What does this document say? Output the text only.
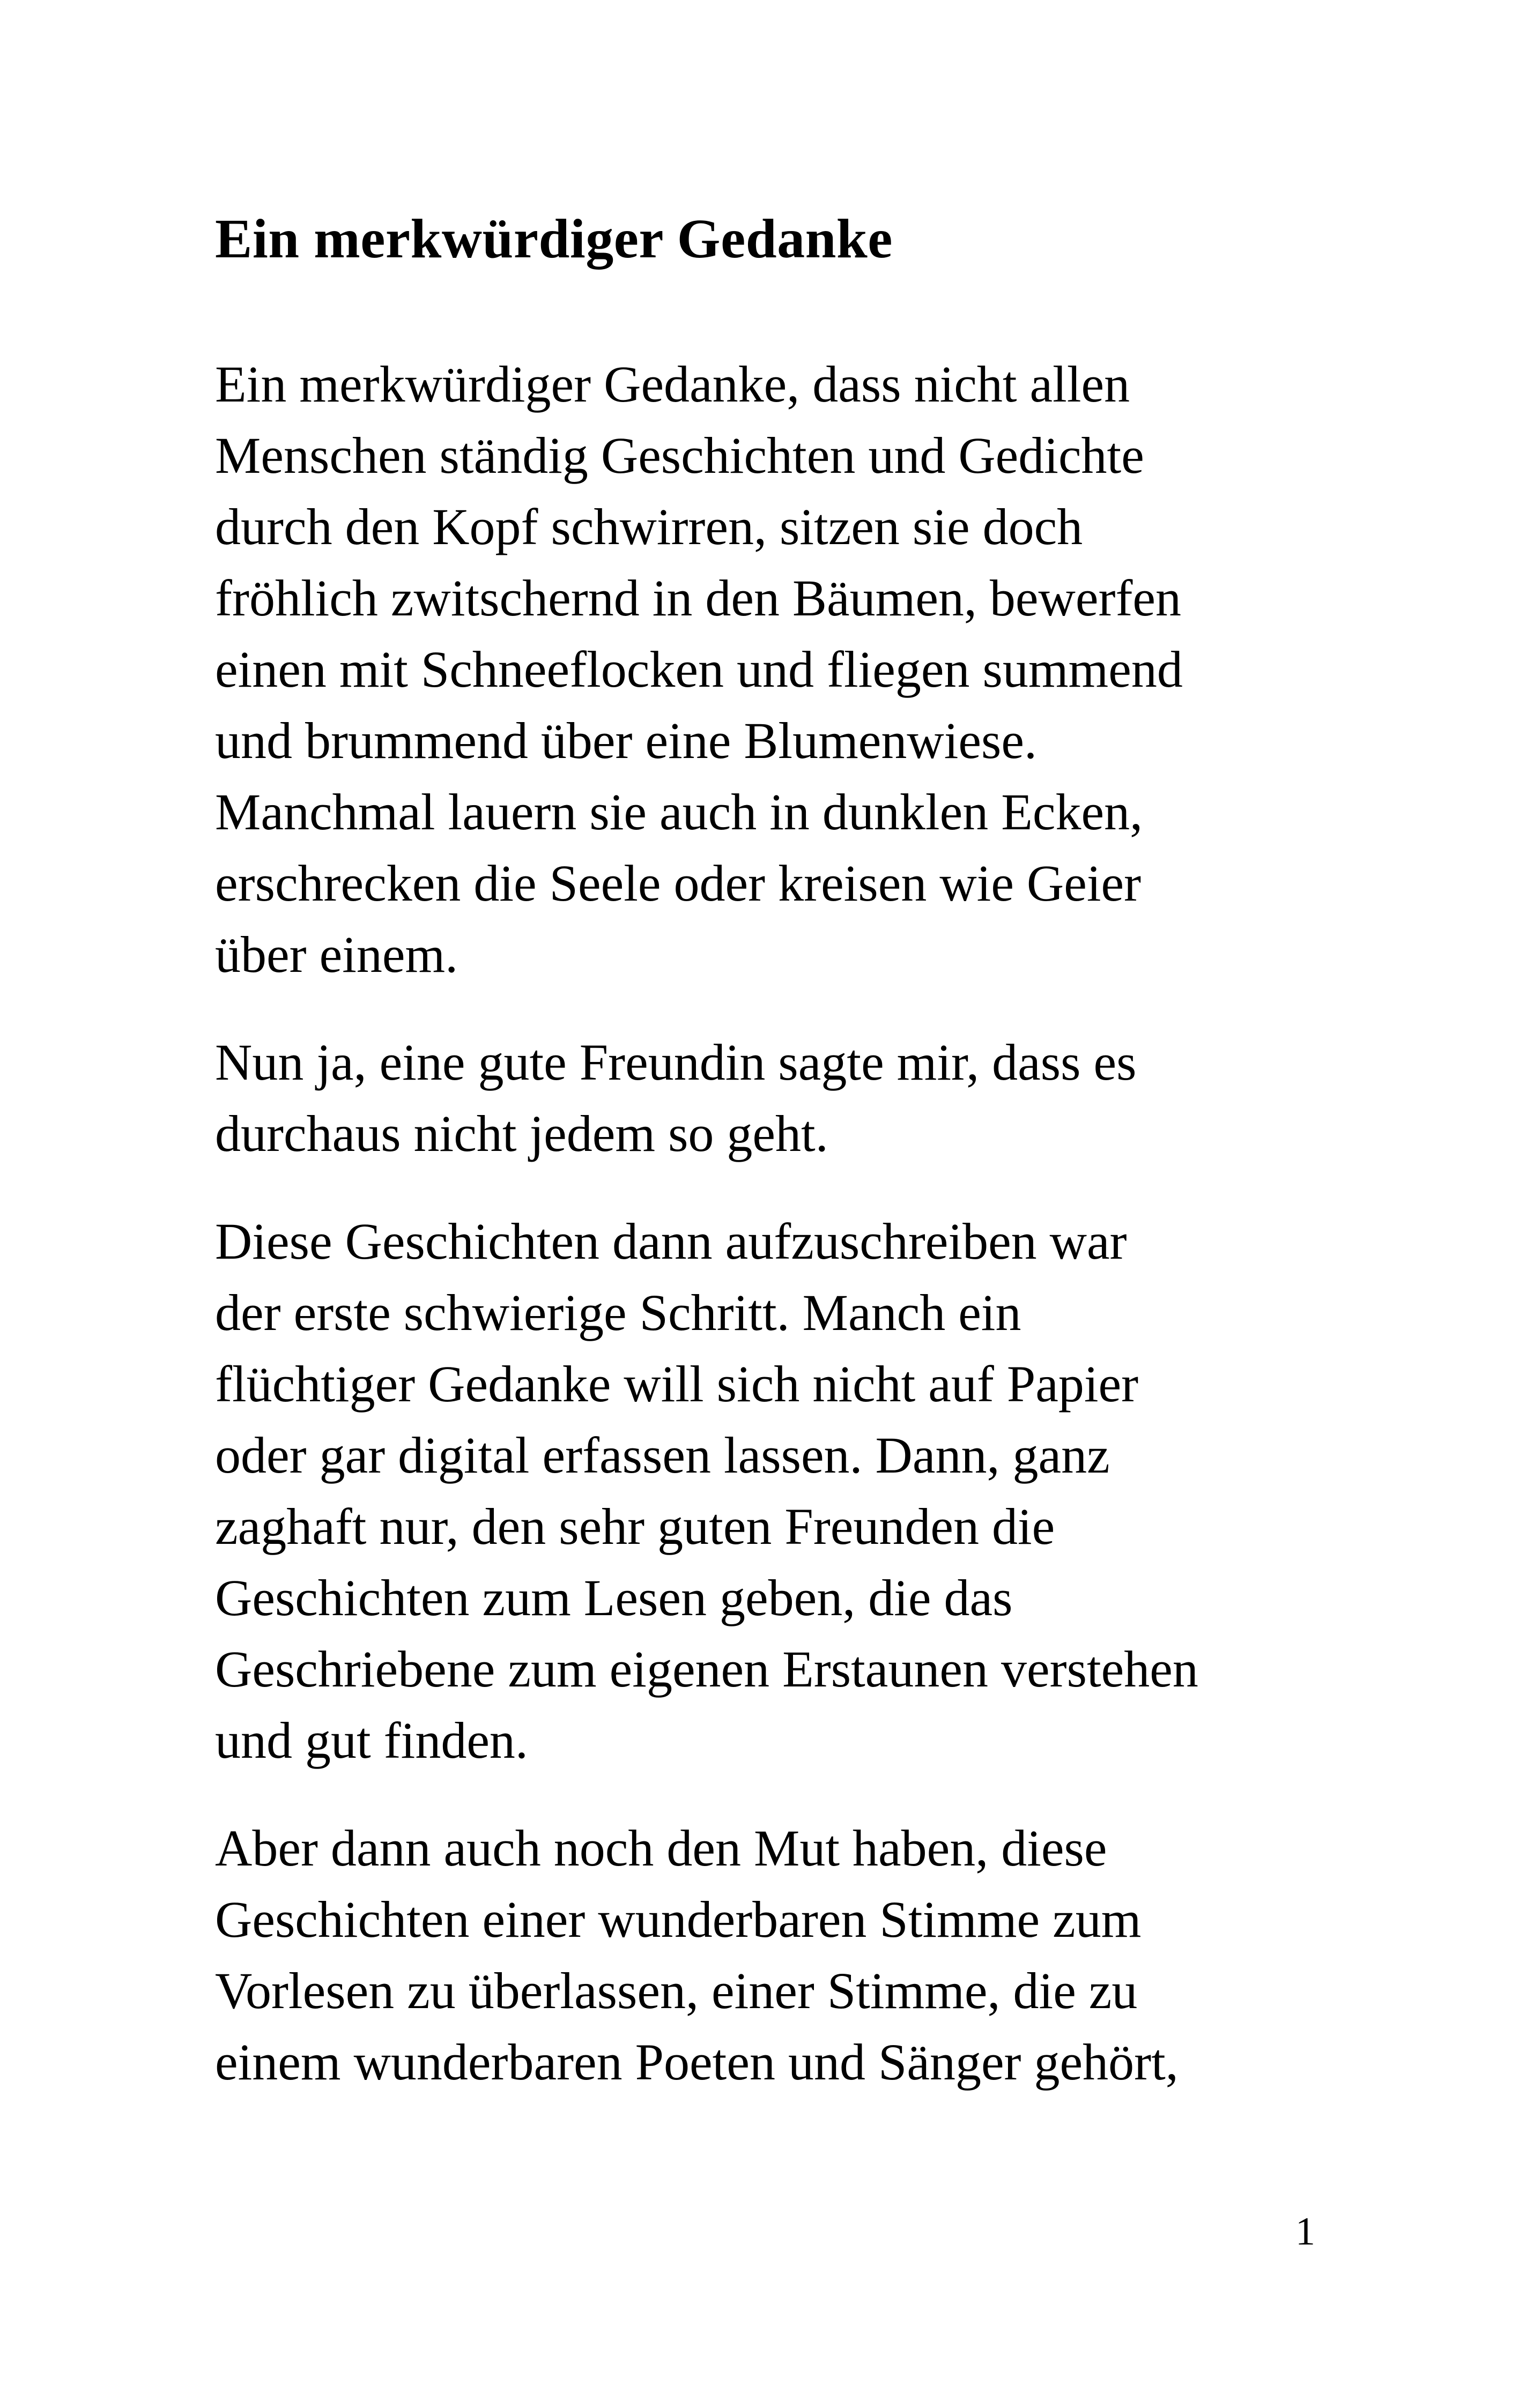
Ein merkwürdiger Gedanke

Ein merkwürdiger Gedanke, dass nicht allen
Menschen ständig Geschichten und Gedichte
durch den Kopf schwirren, sitzen sie doch
fröhlich zwitschernd in den Bäumen, bewerfen
einen mit Schneeflocken und fliegen summend
und brummend über eine Blumenwiese.
Manchmal lauern sie auch in dunklen Ecken,
erschrecken die Seele oder kreisen wie Geier
über einem.

Nun ja, eine gute Freundin sagte mir, dass es
durchaus nicht jedem so geht.

Diese Geschichten dann aufzuschreiben war
der erste schwierige Schritt. Manch ein
flüchtiger Gedanke will sich nicht auf Papier
oder gar digital erfassen lassen. Dann, ganz
zaghaft nur, den sehr guten Freunden die
Geschichten zum Lesen geben, die das
Geschriebene zum eigenen Erstaunen verstehen
und gut finden.

Aber dann auch noch den Mut haben, diese
Geschichten einer wunderbaren Stimme zum
Vorlesen zu überlassen, einer Stimme, die zu
einem wunderbaren Poeten und Sänger gehört,

1
